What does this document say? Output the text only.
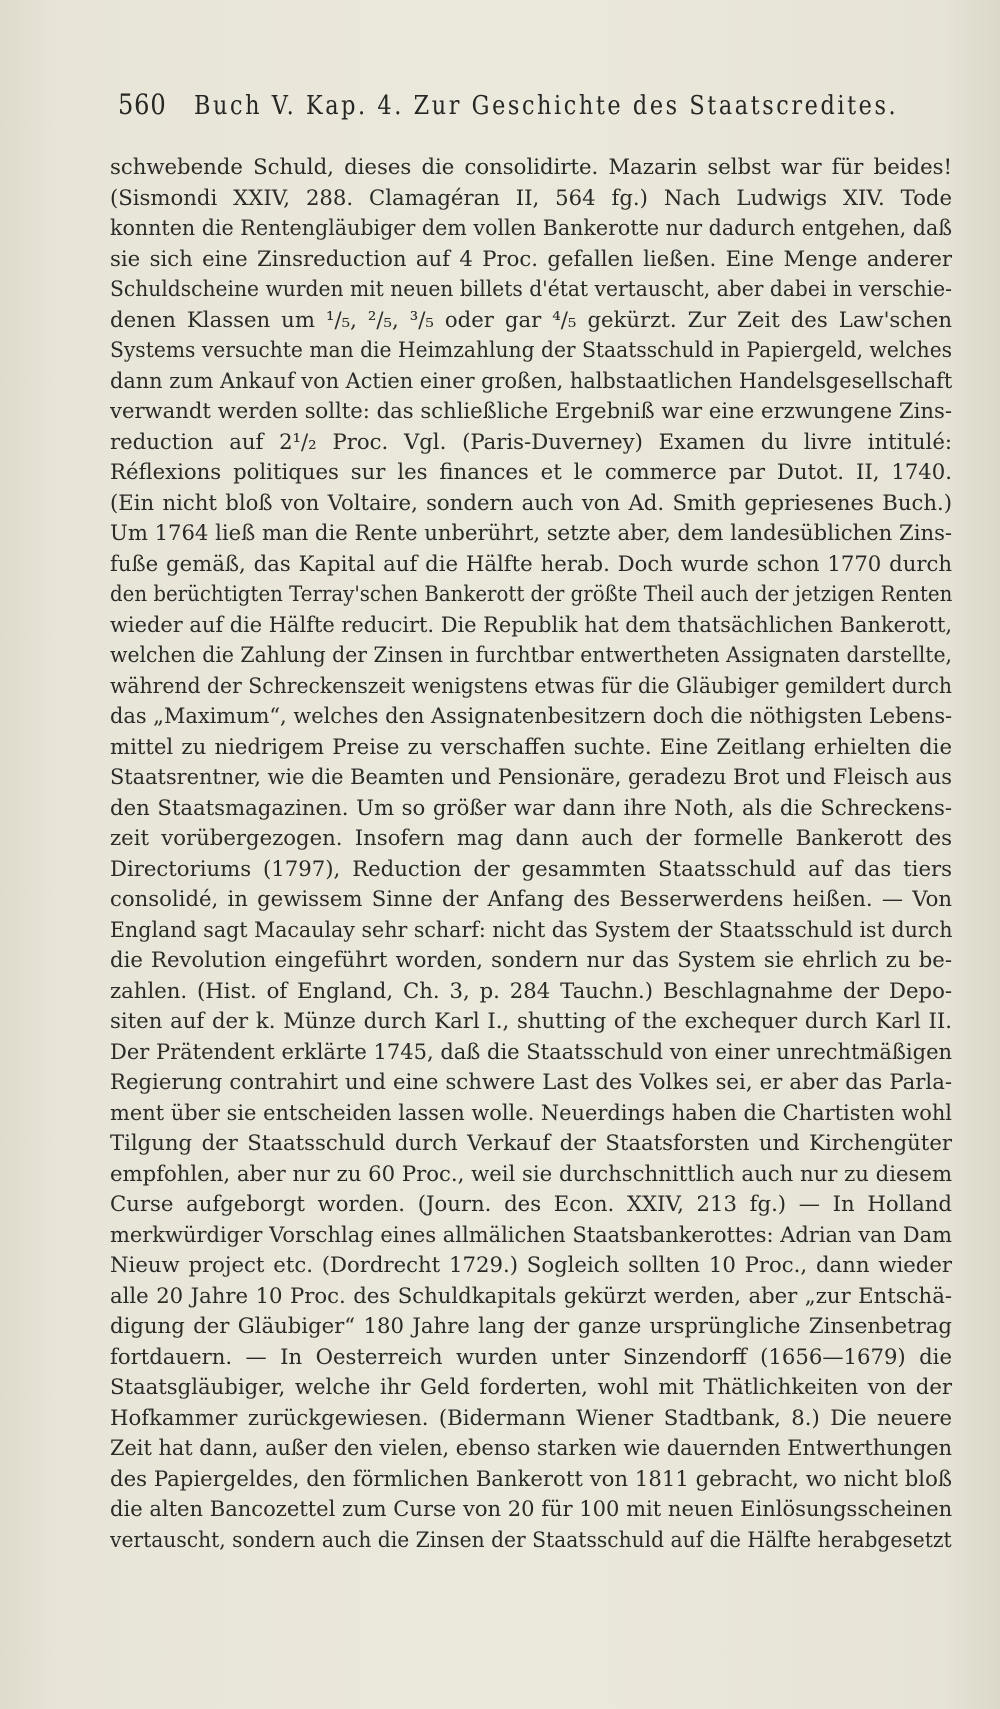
560 Buch V. Kap. 4. Zur Geschichte des Staatscredites.
schwebende Schuld, dieses die consolidirte. Mazarin selbst war für beides!
(Sismondi XXIV, 288. Clamagéran II, 564 fg.) Nach Ludwigs XIV. Tode
konnten die Rentengläubiger dem vollen Bankerotte nur dadurch entgehen, daß
sie sich eine Zinsreduction auf 4 Proc. gefallen ließen. Eine Menge anderer
Schuldscheine wurden mit neuen billets d'état vertauscht, aber dabei in verschie-
denen Klassen um ¹/₅, ²/₅, ³/₅ oder gar ⁴/₅ gekürzt. Zur Zeit des Law'schen
Systems versuchte man die Heimzahlung der Staatsschuld in Papiergeld, welches
dann zum Ankauf von Actien einer großen, halbstaatlichen Handelsgesellschaft
verwandt werden sollte: das schließliche Ergebniß war eine erzwungene Zins-
reduction auf 2¹/₂ Proc. Vgl. (Paris-Duverney) Examen du livre intitulé:
Réflexions politiques sur les finances et le commerce par Dutot. II, 1740.
(Ein nicht bloß von Voltaire, sondern auch von Ad. Smith gepriesenes Buch.)
Um 1764 ließ man die Rente unberührt, setzte aber, dem landesüblichen Zins-
fuße gemäß, das Kapital auf die Hälfte herab. Doch wurde schon 1770 durch
den berüchtigten Terray'schen Bankerott der größte Theil auch der jetzigen Renten
wieder auf die Hälfte reducirt. Die Republik hat dem thatsächlichen Bankerott,
welchen die Zahlung der Zinsen in furchtbar entwertheten Assignaten darstellte,
während der Schreckenszeit wenigstens etwas für die Gläubiger gemildert durch
das „Maximum“, welches den Assignatenbesitzern doch die nöthigsten Lebens-
mittel zu niedrigem Preise zu verschaffen suchte. Eine Zeitlang erhielten die
Staatsrentner, wie die Beamten und Pensionäre, geradezu Brot und Fleisch aus
den Staatsmagazinen. Um so größer war dann ihre Noth, als die Schreckens-
zeit vorübergezogen. Insofern mag dann auch der formelle Bankerott des
Directoriums (1797), Reduction der gesammten Staatsschuld auf das tiers
consolidé, in gewissem Sinne der Anfang des Besserwerdens heißen. — Von
England sagt Macaulay sehr scharf: nicht das System der Staatsschuld ist durch
die Revolution eingeführt worden, sondern nur das System sie ehrlich zu be-
zahlen. (Hist. of England, Ch. 3, p. 284 Tauchn.) Beschlagnahme der Depo-
siten auf der k. Münze durch Karl I., shutting of the exchequer durch Karl II.
Der Prätendent erklärte 1745, daß die Staatsschuld von einer unrechtmäßigen
Regierung contrahirt und eine schwere Last des Volkes sei, er aber das Parla-
ment über sie entscheiden lassen wolle. Neuerdings haben die Chartisten wohl
Tilgung der Staatsschuld durch Verkauf der Staatsforsten und Kirchengüter
empfohlen, aber nur zu 60 Proc., weil sie durchschnittlich auch nur zu diesem
Curse aufgeborgt worden. (Journ. des Econ. XXIV, 213 fg.) — In Holland
merkwürdiger Vorschlag eines allmälichen Staatsbankerottes: Adrian van Dam
Nieuw project etc. (Dordrecht 1729.) Sogleich sollten 10 Proc., dann wieder
alle 20 Jahre 10 Proc. des Schuldkapitals gekürzt werden, aber „zur Entschä-
digung der Gläubiger“ 180 Jahre lang der ganze ursprüngliche Zinsenbetrag
fortdauern. — In Oesterreich wurden unter Sinzendorff (1656—1679) die
Staatsgläubiger, welche ihr Geld forderten, wohl mit Thätlichkeiten von der
Hofkammer zurückgewiesen. (Bidermann Wiener Stadtbank, 8.) Die neuere
Zeit hat dann, außer den vielen, ebenso starken wie dauernden Entwerthungen
des Papiergeldes, den förmlichen Bankerott von 1811 gebracht, wo nicht bloß
die alten Bancozettel zum Curse von 20 für 100 mit neuen Einlösungsscheinen
vertauscht, sondern auch die Zinsen der Staatsschuld auf die Hälfte herabgesetzt
